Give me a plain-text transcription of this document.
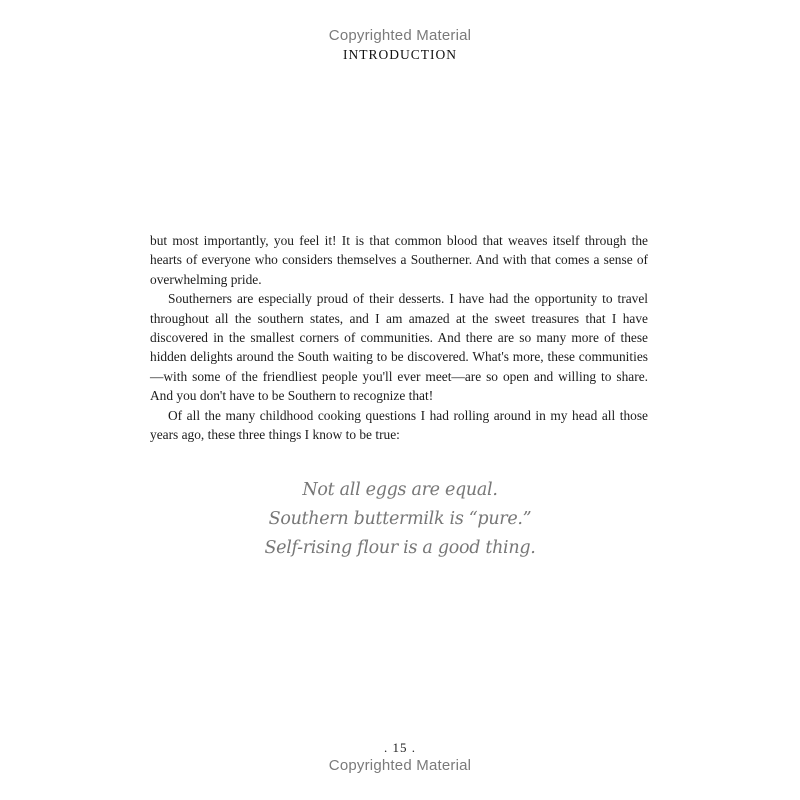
Copyrighted Material
INTRODUCTION

but most importantly, you feel it! It is that common blood that weaves itself through the hearts of everyone who considers themselves a Southerner. And with that comes a sense of overwhelming pride.

Southerners are especially proud of their desserts. I have had the opportunity to travel throughout all the southern states, and I am amazed at the sweet treasures that I have discovered in the smallest corners of communities. And there are so many more of these hidden delights around the South waiting to be discovered. What's more, these communities—with some of the friendliest people you'll ever meet—are so open and willing to share. And you don't have to be Southern to recognize that!

Of all the many childhood cooking questions I had rolling around in my head all those years ago, these three things I know to be true:

Not all eggs are equal.
Southern buttermilk is “pure.”
Self-rising flour is a good thing.
. 15 .
Copyrighted Material
